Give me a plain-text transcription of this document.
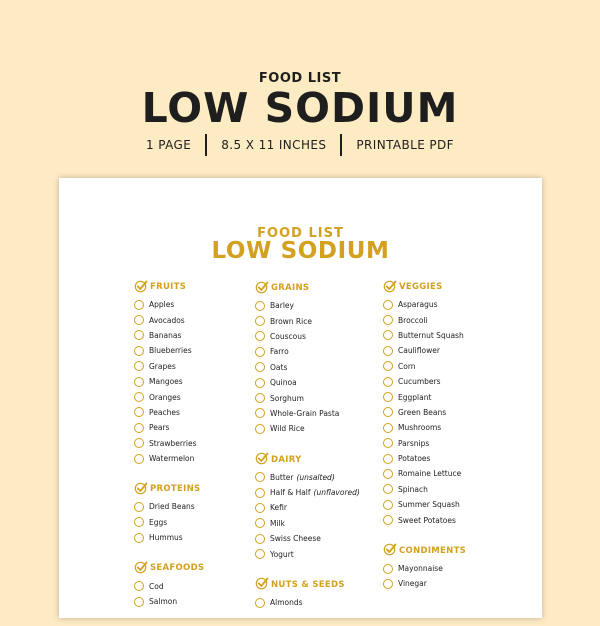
FOOD LIST
LOW SODIUM
1 PAGE	8.5 X 11 INCHES	PRINTABLE PDF
FOOD LIST
LOW SODIUM
FRUITS
Apples
Avocados
Bananas
Blueberries
Grapes
Mangoes
Oranges
Peaches
Pears
Strawberries
Watermelon
PROTEINS
Dried Beans
Eggs
Hummus
SEAFOODS
Cod
Salmon
GRAINS
Barley
Brown Rice
Couscous
Farro
Oats
Quinoa
Sorghum
Whole-Grain Pasta
Wild Rice
DAIRY
Butter (unsalted)
Half & Half (unflavored)
Kefir
Milk
Swiss Cheese
Yogurt
NUTS & SEEDS
Almonds
VEGGIES
Asparagus
Broccoli
Butternut Squash
Cauliflower
Corn
Cucumbers
Eggplant
Green Beans
Mushrooms
Parsnips
Potatoes
Romaine Lettuce
Spinach
Summer Squash
Sweet Potatoes
CONDIMENTS
Mayonnaise
Vinegar
